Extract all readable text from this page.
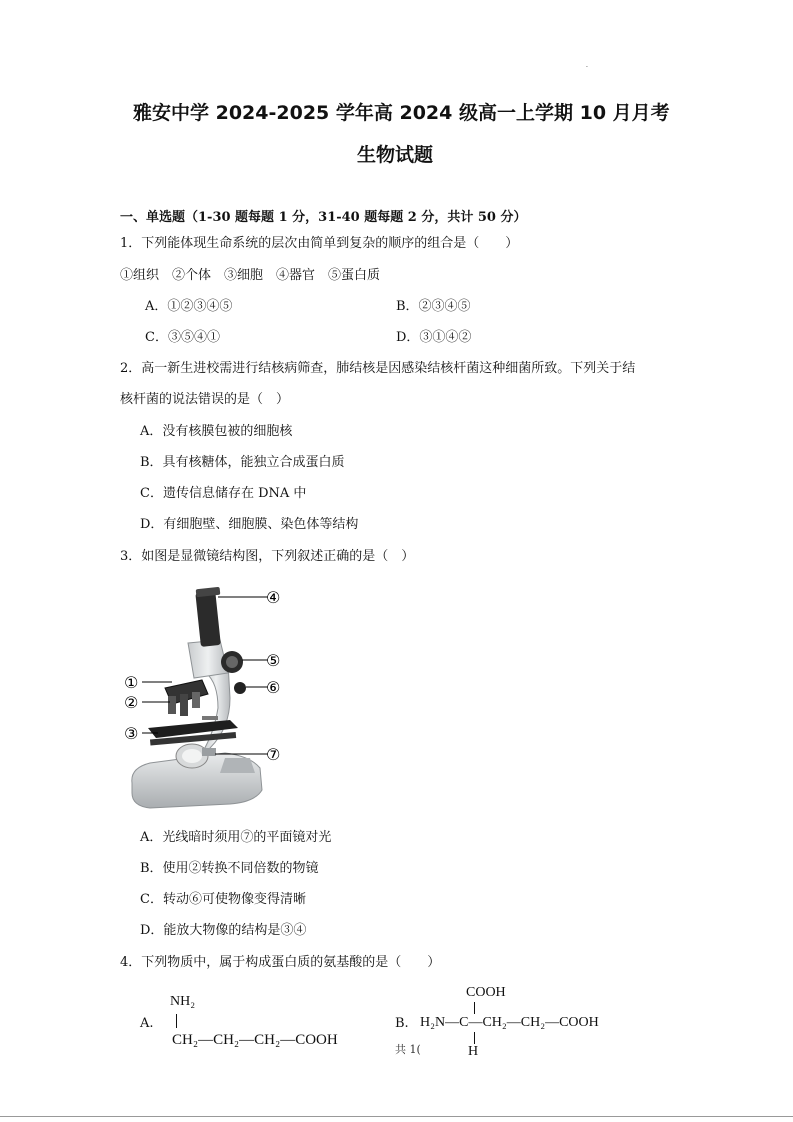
.
雅安中学 2024-2025 学年高 2024 级高一上学期 10 月月考
生物试题
一、单选题（1-30 题每题 1 分，31-40 题每题 2 分，共计 50 分）
1．下列能体现生命系统的层次由简单到复杂的顺序的组合是（　　）
①组织　②个体　③细胞　④器官　⑤蛋白质
A．①②③④⑤	B．②③④⑤
C．③⑤④①	D．③①④②
2．高一新生进校需进行结核病筛查，肺结核是因感染结核杆菌这种细菌所致。下列关于结
核杆菌的说法错误的是（　）
A．没有核膜包被的细胞核
B．具有核糖体，能独立合成蛋白质
C．遗传信息储存在 DNA 中
D．有细胞壁、细胞膜、染色体等结构
3．如图是显微镜结构图，下列叙述正确的是（　）
④
⑤
⑥
①
②
③
⑦
A．光线暗时须用⑦的平面镜对光
B．使用②转换不同倍数的物镜
C．转动⑥可使物像变得清晰
D．能放大物像的结构是③④
4．下列物质中，属于构成蛋白质的氨基酸的是（　　）
A.
NH₂
CH₂—CH₂—CH₂—COOH
B.
COOH
H₂N—C—CH₂—CH₂—COOH
H
共 1(
